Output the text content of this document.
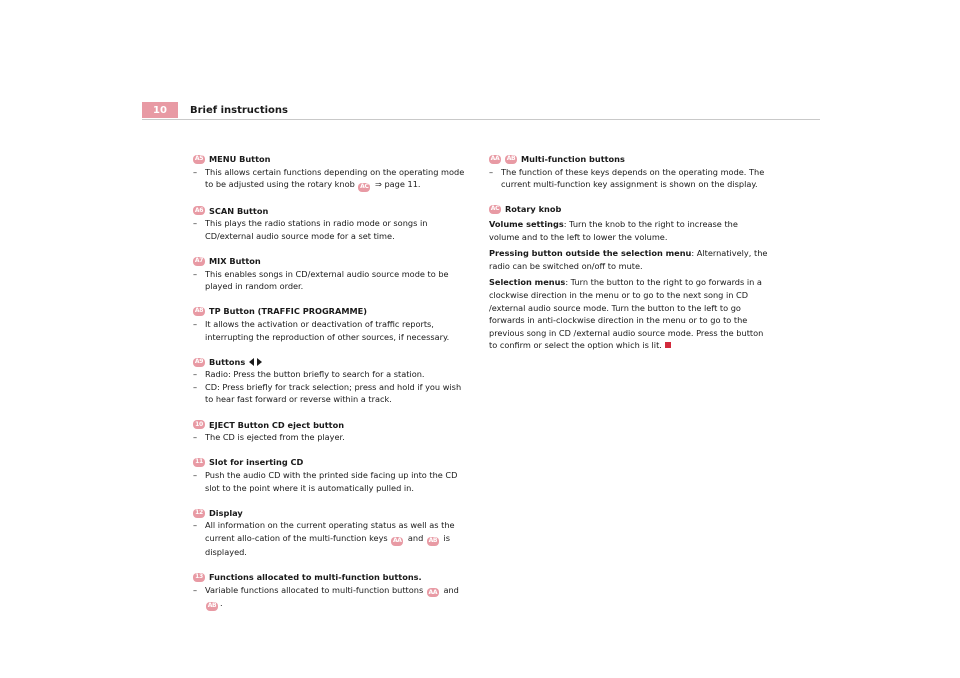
10	Brief instructions
A5 MENU Button
– This allows certain functions depending on the operating mode to be adjusted using the rotary knob AC ⇒ page 11.
A6 SCAN Button
– This plays the radio stations in radio mode or songs in CD/external audio source mode for a set time.
A7 MIX Button
– This enables songs in CD/external audio source mode to be played in random order.
A8 TP Button (TRAFFIC PROGRAMME)
– It allows the activation or deactivation of traffic reports, interrupting the reproduction of other sources, if necessary.
A9 Buttons
– Radio: Press the button briefly to search for a station.
– CD: Press briefly for track selection; press and hold if you wish to hear fast forward or reverse within a track.
10 EJECT Button CD eject button
– The CD is ejected from the player.
11 Slot for inserting CD
– Push the audio CD with the printed side facing up into the CD slot to the point where it is automatically pulled in.
12 Display
– All information on the current operating status as well as the current allo-cation of the multi-function keys AA and AB is displayed.
13 Functions allocated to multi-function buttons.
– Variable functions allocated to multi-function buttons AA and AB .
AA AB Multi-function buttons
– The function of these keys depends on the operating mode. The current multi-function key assignment is shown on the display.
AC Rotary knob
Volume settings: Turn the knob to the right to increase the volume and to the left to lower the volume.
Pressing button outside the selection menu: Alternatively, the radio can be switched on/off to mute.
Selection menus: Turn the button to the right to go forwards in a clockwise direction in the menu or to go to the next song in CD /external audio source mode. Turn the button to the left to go forwards in anti-clockwise direction in the menu or to go to the previous song in CD /external audio source mode. Press the button to confirm or select the option which is lit.
